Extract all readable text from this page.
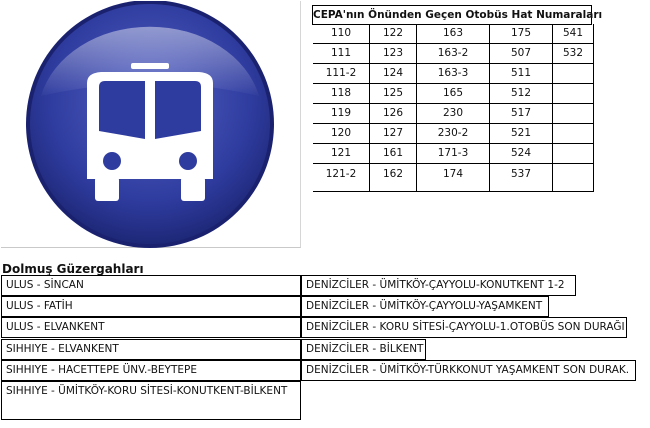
CEPA'nın Önünden Geçen Otobüs Hat Numaraları
110
111
111-2
118
119
120
121
121-2
122
123
124
125
126
127
161
162
163
163-2
163-3
165
230
230-2
171-3
174
175
507
511
512
517
521
524
537
541
532
Dolmuş Güzergahları
ULUS - SİNCAN
ULUS - FATİH
ULUS - ELVANKENT
SIHHIYE - ELVANKENT
SIHHIYE - HACETTEPE ÜNV.-BEYTEPE
SIHHIYE - ÜMİTKÖY-KORU SİTESİ-KONUTKENT-BİLKENT
DENİZCİLER - ÜMİTKÖY-ÇAYYOLU-KONUTKENT 1-2
DENİZCİLER - ÜMİTKÖY-ÇAYYOLU-YAŞAMKENT
DENİZCİLER - KORU SİTESİ-ÇAYYOLU-1.OTOBÜS SON DURAĞI
DENİZCİLER - BİLKENT
DENİZCİLER - ÜMİTKÖY-TÜRKKONUT YAŞAMKENT SON DURAK.
